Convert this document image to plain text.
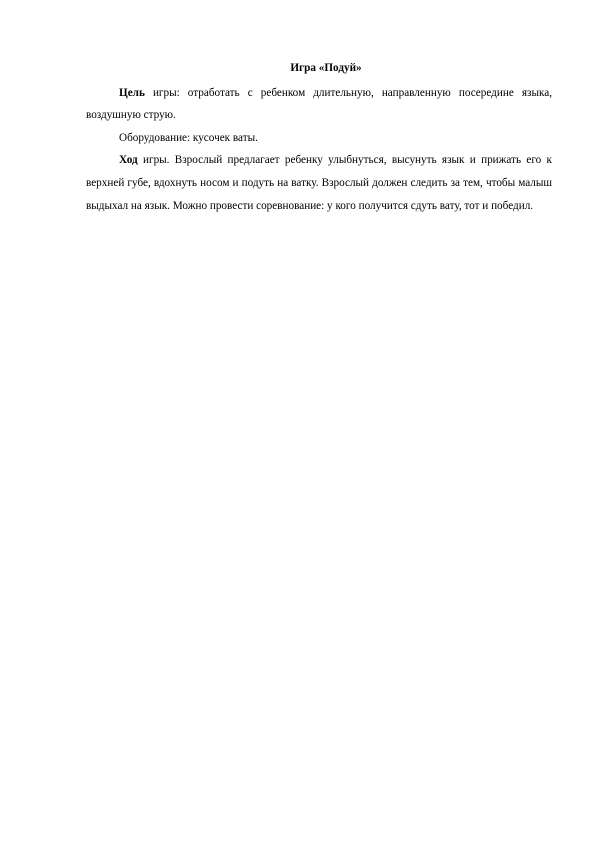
Игра «Подуй»

Цель игры: отработать с ребенком длительную, направленную посередине языка, воздушную струю.

Оборудование: кусочек ваты.

Ход игры. Взрослый предлагает ребенку улыбнуться, высунуть язык и прижать его к верхней губе, вдохнуть носом и подуть на ватку. Взрослый должен следить за тем, чтобы малыш выдыхал на язык. Можно провести соревнование: у кого получится сдуть вату, тот и победил.
